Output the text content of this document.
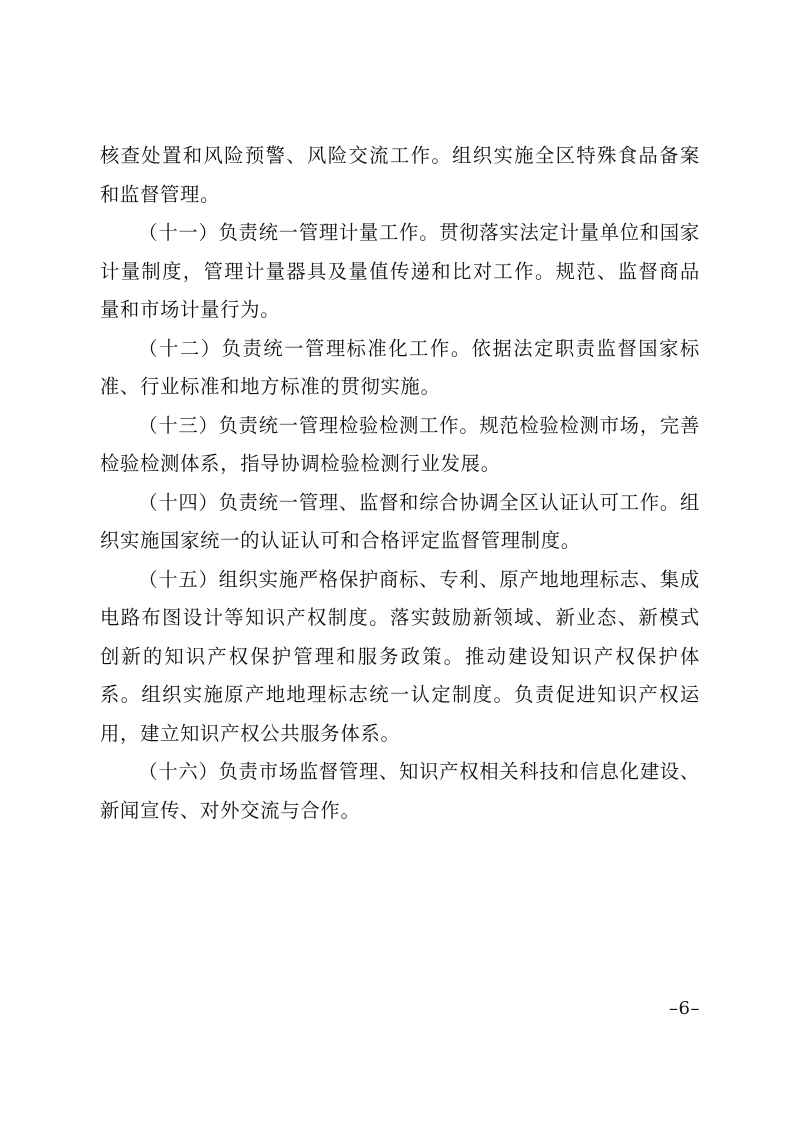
核查处置和风险预警、风险交流工作。组织实施全区特殊食品备案和监督管理。

（十一）负责统一管理计量工作。贯彻落实法定计量单位和国家计量制度，管理计量器具及量值传递和比对工作。规范、监督商品量和市场计量行为。

（十二）负责统一管理标准化工作。依据法定职责监督国家标准、行业标准和地方标准的贯彻实施。

（十三）负责统一管理检验检测工作。规范检验检测市场，完善检验检测体系，指导协调检验检测行业发展。

（十四）负责统一管理、监督和综合协调全区认证认可工作。组织实施国家统一的认证认可和合格评定监督管理制度。

（十五）组织实施严格保护商标、专利、原产地地理标志、集成电路布图设计等知识产权制度。落实鼓励新领域、新业态、新模式创新的知识产权保护管理和服务政策。推动建设知识产权保护体系。组织实施原产地地理标志统一认定制度。负责促进知识产权运用，建立知识产权公共服务体系。

（十六）负责市场监督管理、知识产权相关科技和信息化建设、新闻宣传、对外交流与合作。

–6–
